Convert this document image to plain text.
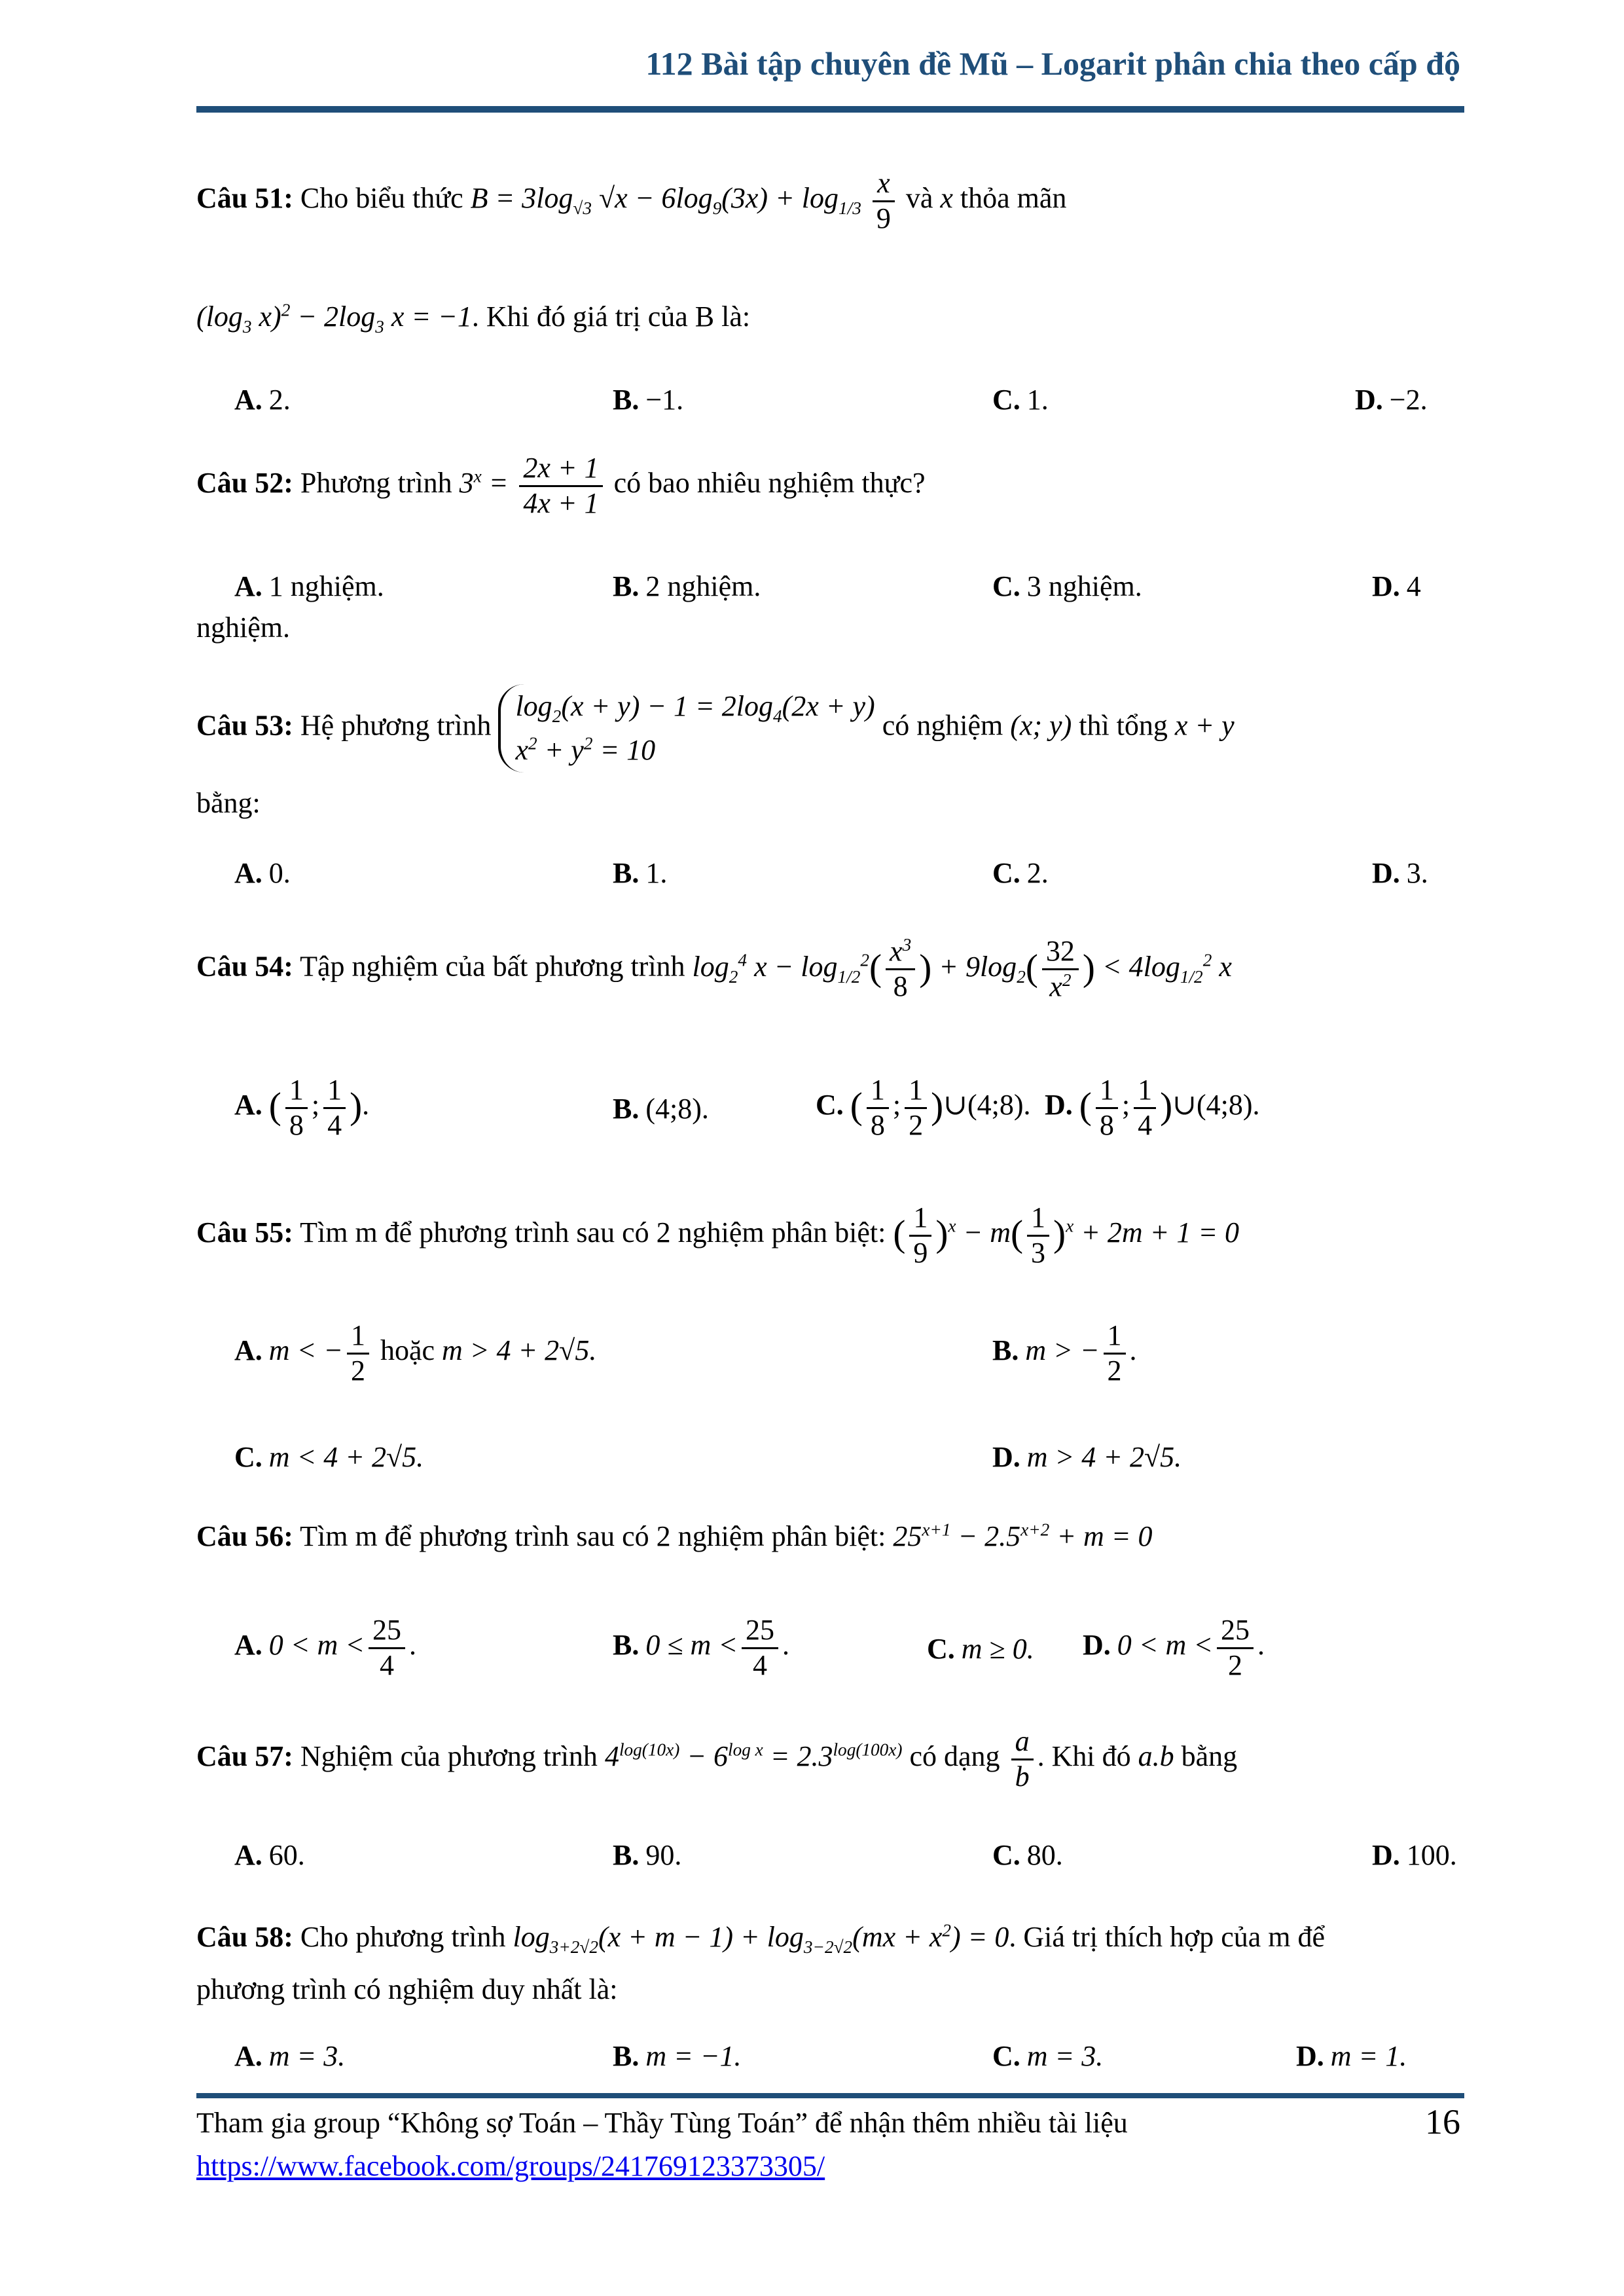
112 Bài tập chuyên đề Mũ – Logarit phân chia theo cấp độ
Câu 51: Cho biểu thức $B = 3\log_{√3}$ $√x - 6\log_9(3x) + \log_{1/3} \frac{x}{9}$ và x thỏa mãn
($\log_3$ $x)^2 - 2\log_3$ x = −1. Khi đó giá trị của B là:
A. 2.	B. −1.	C. 1.	D. −2.
Câu 52: Phương trình $3^x = \frac{2x + 1}{4x + 1}$ có bao nhiêu nghiệm thực?
A. 1 nghiệm.	B. 2 nghiệm.	C. 3 nghiệm.	D. 4
nghiệm.
Câu 53: Hệ phương trình $\log_2(x + y) - 1 = 2\log_4(2x + y)$
$x^2 + y^2 = 10$ có nghiệm (x; y) thì tổng x + y
bằng:
A. 0.	B. 1.	C. 2.	D. 3.
Câu 54: Tập nghiệm của bất phương trình $\log_2^4 x - \log_{1/2}^2( \frac{x^3}{8}$ ) + $9\log_2( \frac{32}{x^2}$ ) < $4\log_{1/2}^2$ x
A. ( $\frac{1}{8}$ ; $\frac{1}{4}$ ).	B. (4;8).	C. ( $\frac{1}{8}$ ; $\frac{1}{2}$ )∪(4;8). D. ( $\frac{1}{8}$ ; $\frac{1}{4}$ )∪(4;8).
Câu 55: Tìm m để phương trình sau có 2 nghiệm phân biệt: ( $\frac{1}{9} )^x - m( \frac{1}{3} )^x + 2m + 1 = 0$
A. m < − $\frac{1}{2}$ hoặc m > 4 + 2√5.	B. m > − $\frac{1}{2}$ .
C. m < 4 + 2√5.	D. m > 4 + 2√5.
Câu 56: Tìm m để phương trình sau có 2 nghiệm phân biệt: $25^{x+1} - 2.5^{x+2} + m = 0$
A. $0 < m < \frac{25}{4}$ .	B. $0 \le m < \frac{25}{4}$ .	C. m ≥ 0. D. $0 < m < \frac{25}{2}$ .
Câu 57: Nghiệm của phương trình $4^{log(10x)} - 6^{log x} = 2.3^{log(100x)}$ có dạng $\frac{a}{b}$ . Khi đó a.b bằng
A. 60.	B. 90.	C. 80.	D. 100.
Câu 58: Cho phương trình $\log_{3+2√2}(x + m - 1) + \log_{3-2√2}(mx + x^2) = 0$. Giá trị thích hợp của m để
phương trình có nghiệm duy nhất là:
A. m = 3.	B. m = −1.	C. m = 3.	D. m = 1.
Tham gia group “Không sợ Toán – Thầy Tùng Toán” để nhận thêm nhiều tài liệu
https://www.facebook.com/groups/241769123373305/
16
